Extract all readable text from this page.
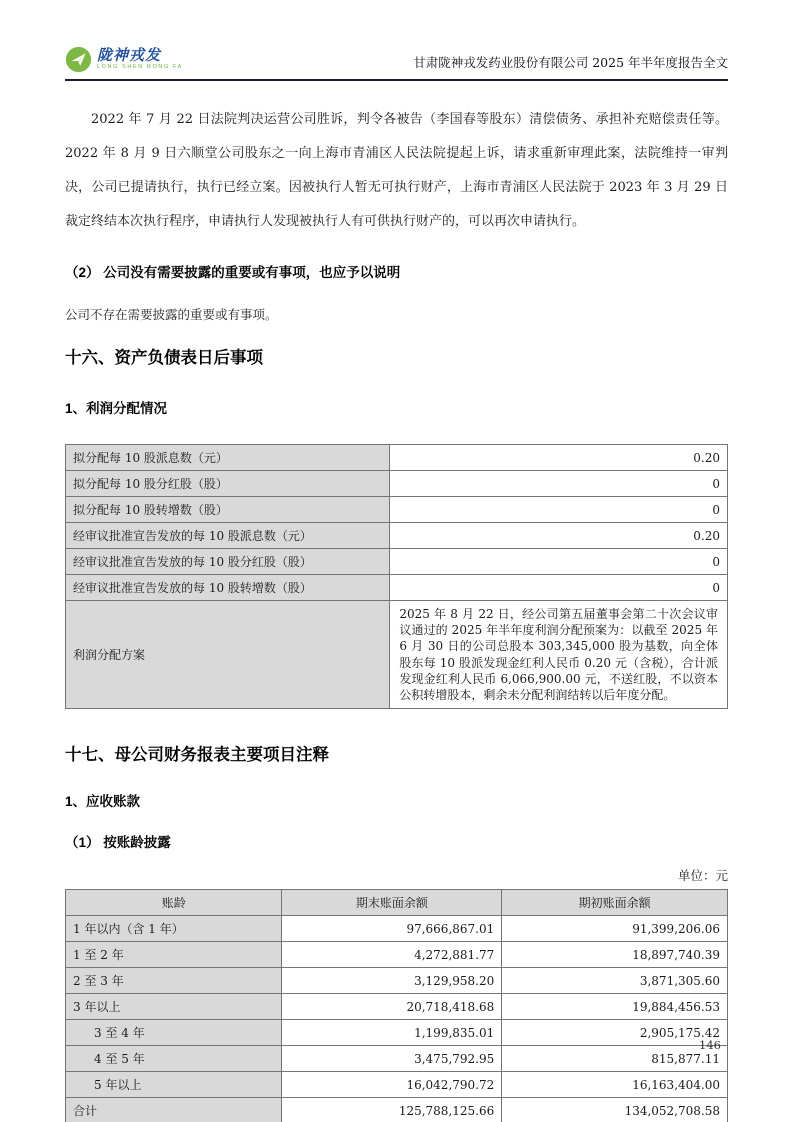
陇神戎发
LONG SHEN RONG FA	甘肃陇神戎发药业股份有限公司 2025 年半年度报告全文

2022 年 7 月 22 日法院判决运营公司胜诉，判令各被告（李国春等股东）清偿债务、承担补充赔偿责任等。2022 年 8 月 9 日六顺堂公司股东之一向上海市青浦区人民法院提起上诉，请求重新审理此案，法院维持一审判决，公司已提请执行，执行已经立案。因被执行人暂无可执行财产，上海市青浦区人民法院于 2023 年 3 月 29 日裁定终结本次执行程序，申请执行人发现被执行人有可供执行财产的，可以再次申请执行。

（2） 公司没有需要披露的重要或有事项，也应予以说明

公司不存在需要披露的重要或有事项。

十六、资产负债表日后事项
1、利润分配情况
拟分配每 10 股派息数（元）	0.20
拟分配每 10 股分红股（股）	0
拟分配每 10 股转增数（股）	0
经审议批准宣告发放的每 10 股派息数（元）	0.20
经审议批准宣告发放的每 10 股分红股（股）	0
经审议批准宣告发放的每 10 股转增数（股）	0
利润分配方案	2025 年 8 月 22 日，经公司第五届董事会第二十次会议审议通过的 2025 年半年度利润分配预案为：以截至 2025 年 6 月 30 日的公司总股本 303,345,000 股为基数，向全体股东每 10 股派发现金红利人民币 0.20 元（含税），合计派发现金红利人民币 6,066,900.00 元，不送红股，不以资本公积转增股本，剩余未分配利润结转以后年度分配。
十七、母公司财务报表主要项目注释
1、应收账款
（1） 按账龄披露
单位：元
账龄	期末账面余额	期初账面余额
1 年以内（含 1 年）	97,666,867.01	91,399,206.06
1 至 2 年	4,272,881.77	18,897,740.39
2 至 3 年	3,129,958.20	3,871,305.60
3 年以上	20,718,418.68	19,884,456.53
3 至 4 年	1,199,835.01	2,905,175.42
4 至 5 年	3,475,792.95	815,877.11
5 年以上	16,042,790.72	16,163,404.00
合计	125,788,125.66	134,052,708.58
146
